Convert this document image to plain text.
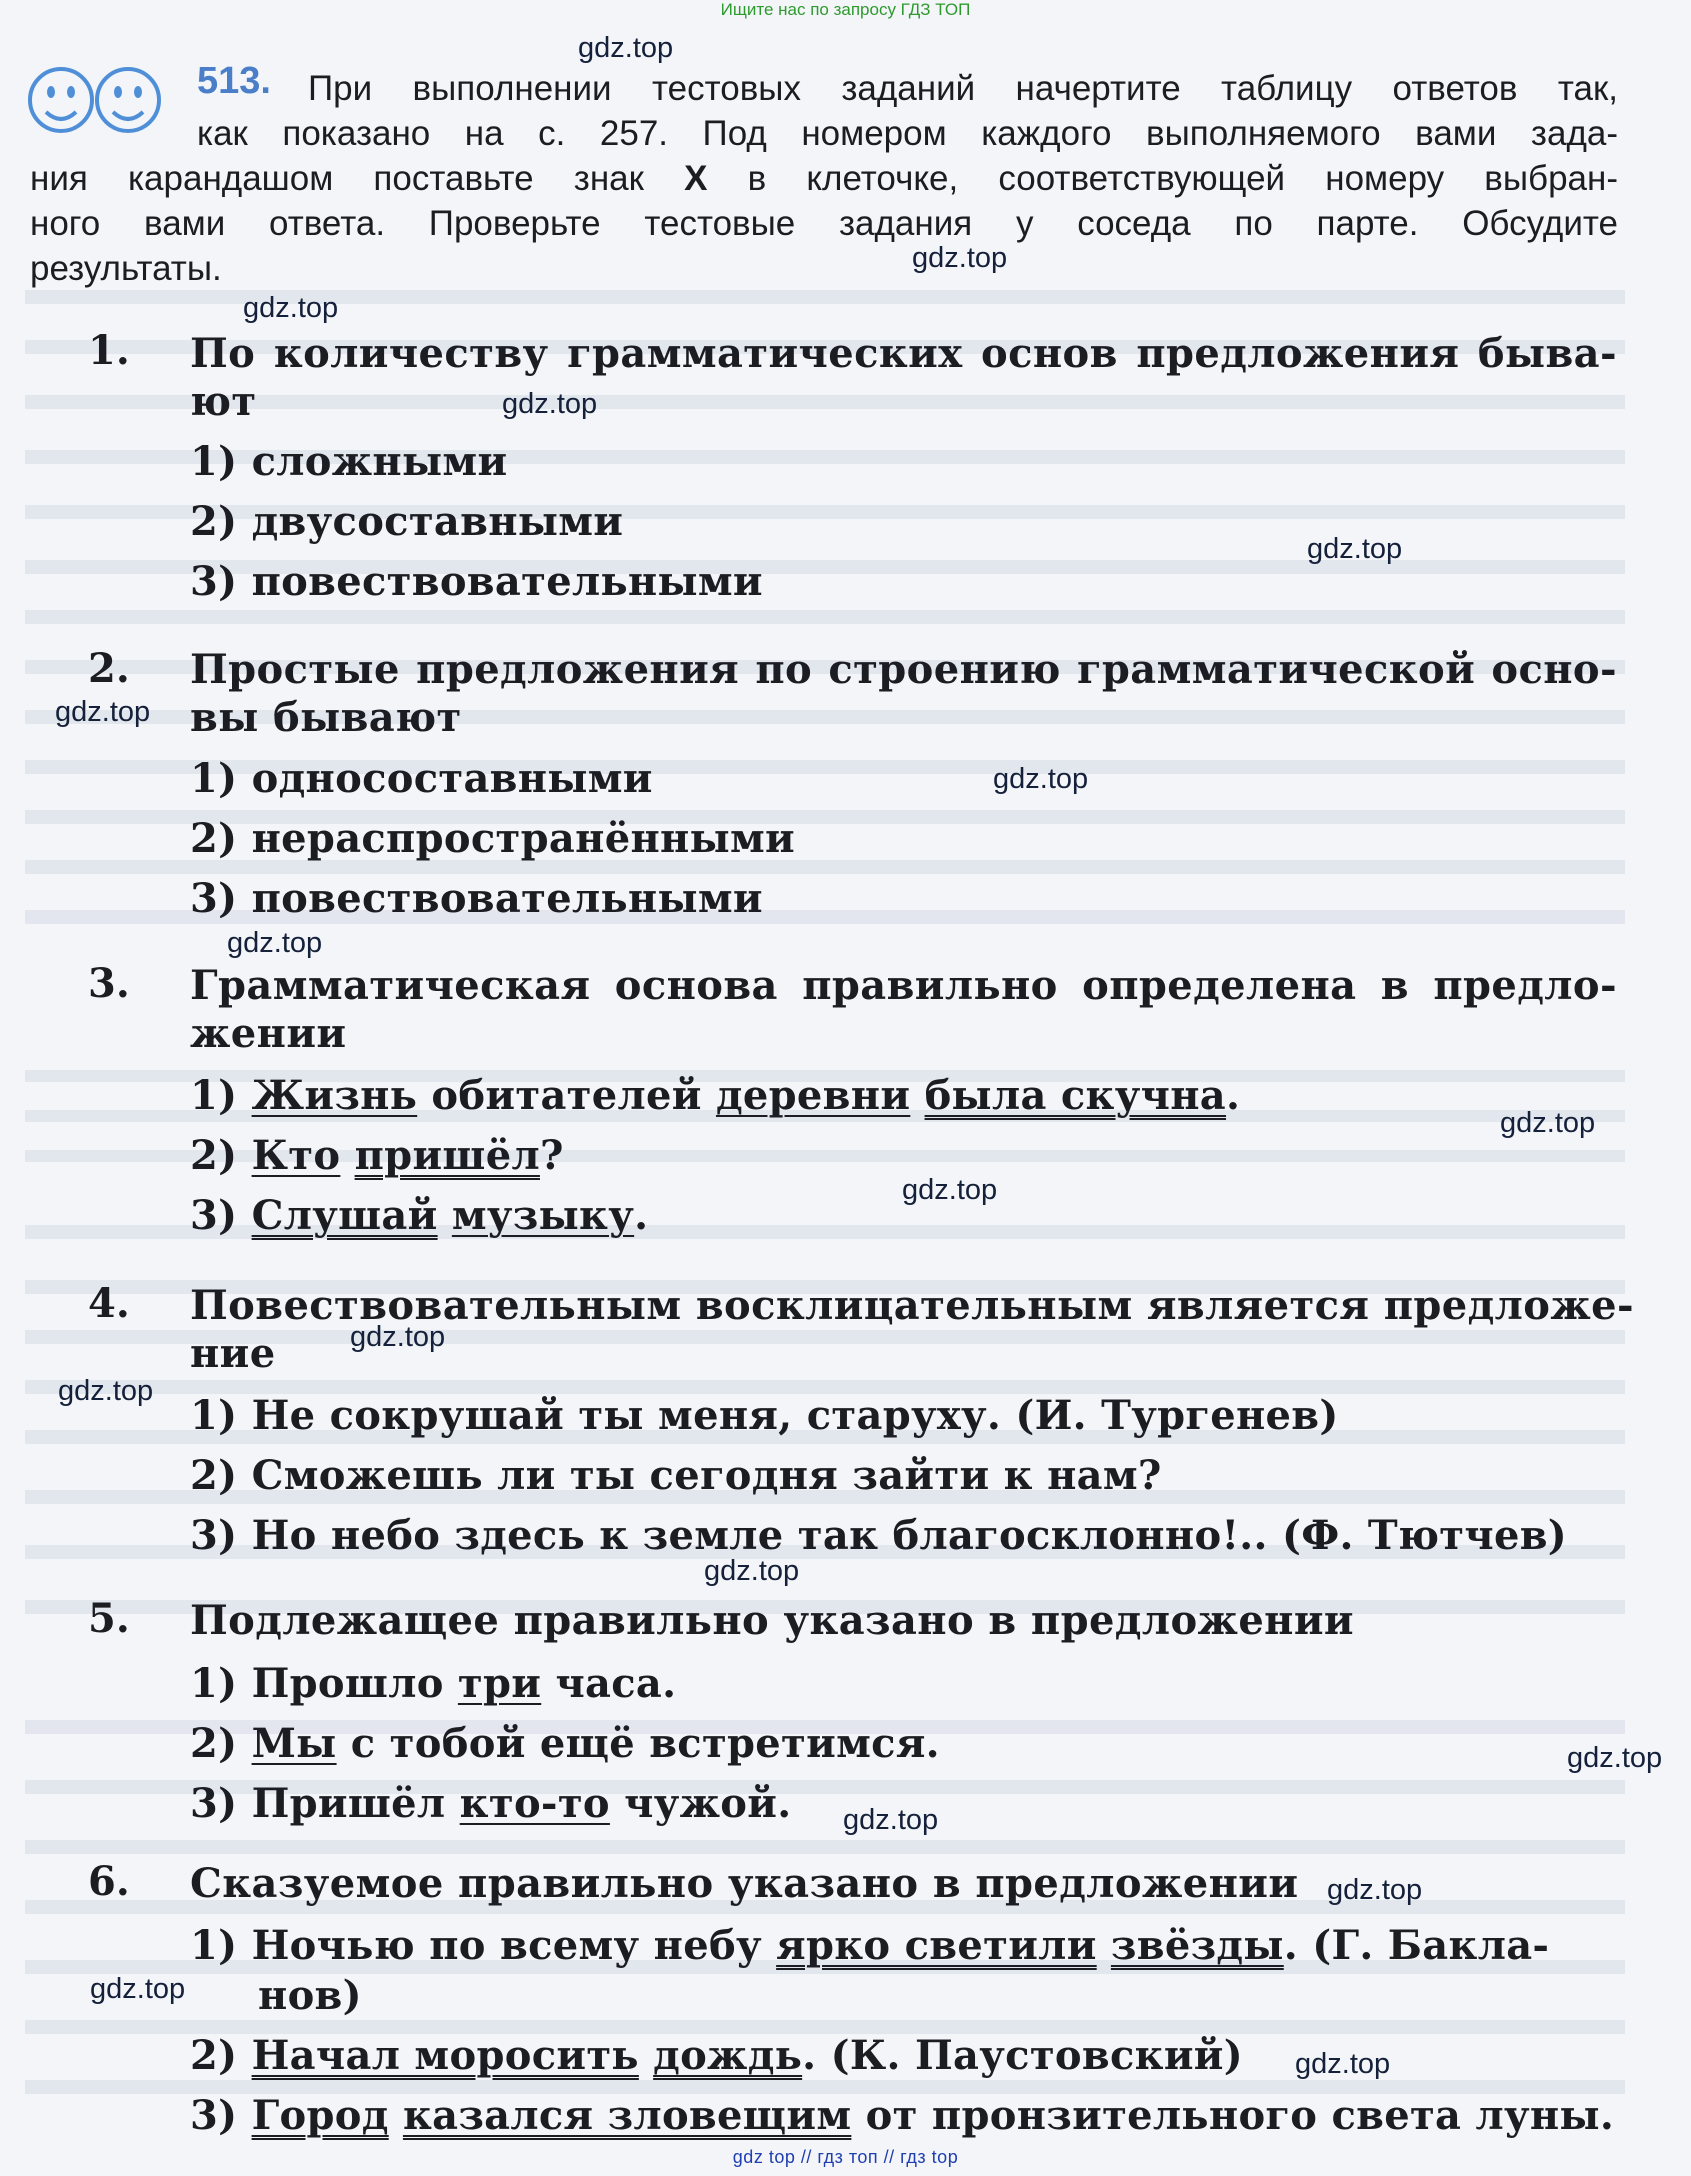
Ищите нас по запросу ГДЗ ТОП
513. При выполнении тестовых заданий начертите таблицу ответов так,
как показано на с. 257. Под номером каждого выполняемого вами зада-
ния карандашом поставьте знак X в клеточке, соответствующей номеру выбран-
ного вами ответа. Проверьте тестовые задания у соседа по парте. Обсудите
результаты.
1. По количеству грамматических основ предложения быва-
ют
1) сложными
2) двусоставными
3) повествовательными
2. Простые предложения по строению грамматической осно-
вы бывают
1) односоставными
2) нераспространёнными
3) повествовательными
3. Грамматическая основа правильно определена в предло-
жении
1) Жизнь обитателей деревни была скучна.
2) Кто пришёл?
3) Слушай музыку.
4. Повествовательным восклицательным является предложе-
ние
1) Не сокрушай ты меня, старуху. (И. Тургенев)
2) Сможешь ли ты сегодня зайти к нам?
3) Но небо здесь к земле так благосклонно!.. (Ф. Тютчев)
5. Подлежащее правильно указано в предложении
1) Прошло три часа.
2) Мы с тобой ещё встретимся.
3) Пришёл кто-то чужой.
6. Сказуемое правильно указано в предложении
1) Ночью по всему небу ярко светили звёзды. (Г. Бакла-
нов)
2) Начал моросить дождь. (К. Паустовский)
3) Город казался зловещим от пронзительного света луны.
gdz top // гдз топ // гдз top
gdz.top
gdz.top
gdz.top
gdz.top
gdz.top
gdz.top
gdz.top
gdz.top
gdz.top
gdz.top
gdz.top
gdz.top
gdz.top
gdz.top
gdz.top
gdz.top
gdz.top
gdz.top
